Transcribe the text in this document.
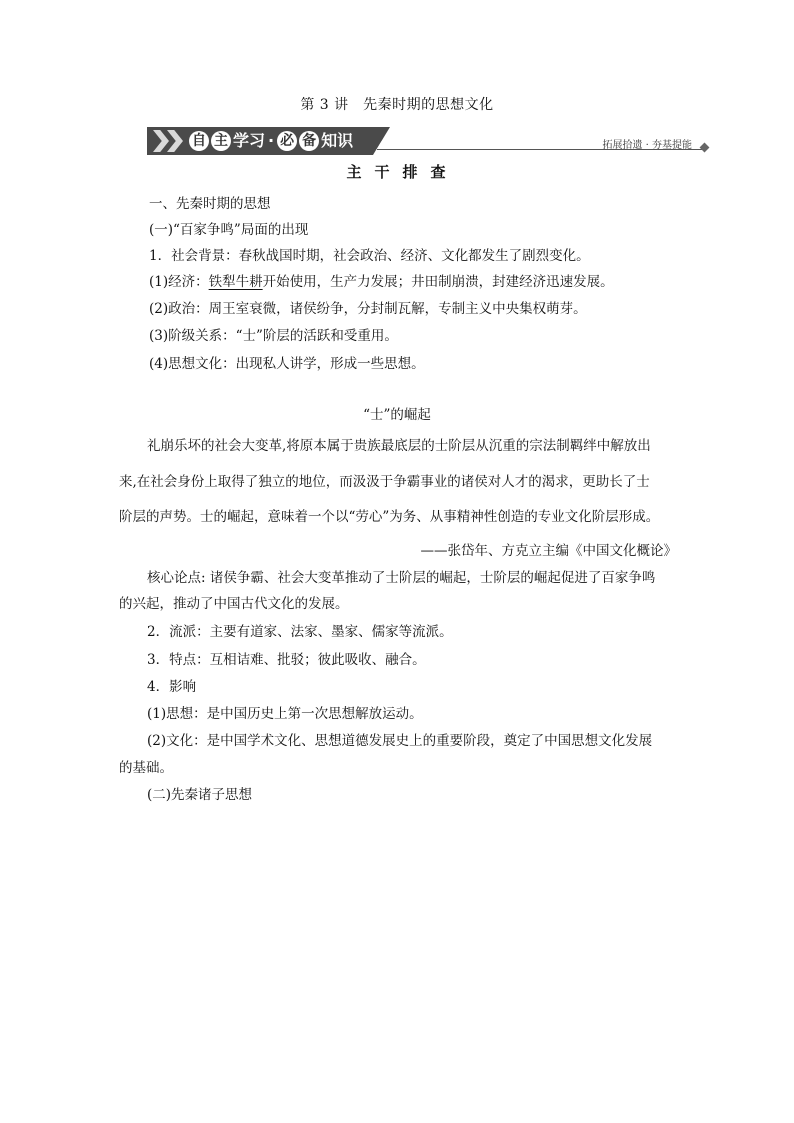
第 3 讲　先秦时期的思想文化
自 主 学习 · 必 备 知识	拓展拾遗 · 夯基提能
主 干 排 查
一、先秦时期的思想
(一)“百家争鸣”局面的出现
1．社会背景：春秋战国时期，社会政治、经济、文化都发生了剧烈变化。
(1)经济：铁犁牛耕开始使用，生产力发展；井田制崩溃，封建经济迅速发展。
(2)政治：周王室衰微，诸侯纷争，分封制瓦解，专制主义中央集权萌芽。
(3)阶级关系：“士”阶层的活跃和受重用。
(4)思想文化：出现私人讲学，形成一些思想。
“士”的崛起
礼崩乐坏的社会大变革,将原本属于贵族最底层的士阶层从沉重的宗法制羁绊中解放出
来,在社会身份上取得了独立的地位，而汲汲于争霸事业的诸侯对人才的渴求，更助长了士
阶层的声势。士的崛起，意味着一个以“劳心”为务、从事精神性创造的专业文化阶层形成。
——张岱年、方克立主编《中国文化概论》
核心论点: 诸侯争霸、社会大变革推动了士阶层的崛起，士阶层的崛起促进了百家争鸣
的兴起，推动了中国古代文化的发展。
2．流派：主要有道家、法家、墨家、儒家等流派。
3．特点：互相诘难、批驳；彼此吸收、融合。
4．影响
(1)思想：是中国历史上第一次思想解放运动。
(2)文化：是中国学术文化、思想道德发展史上的重要阶段，奠定了中国思想文化发展
的基础。
(二)先秦诸子思想
